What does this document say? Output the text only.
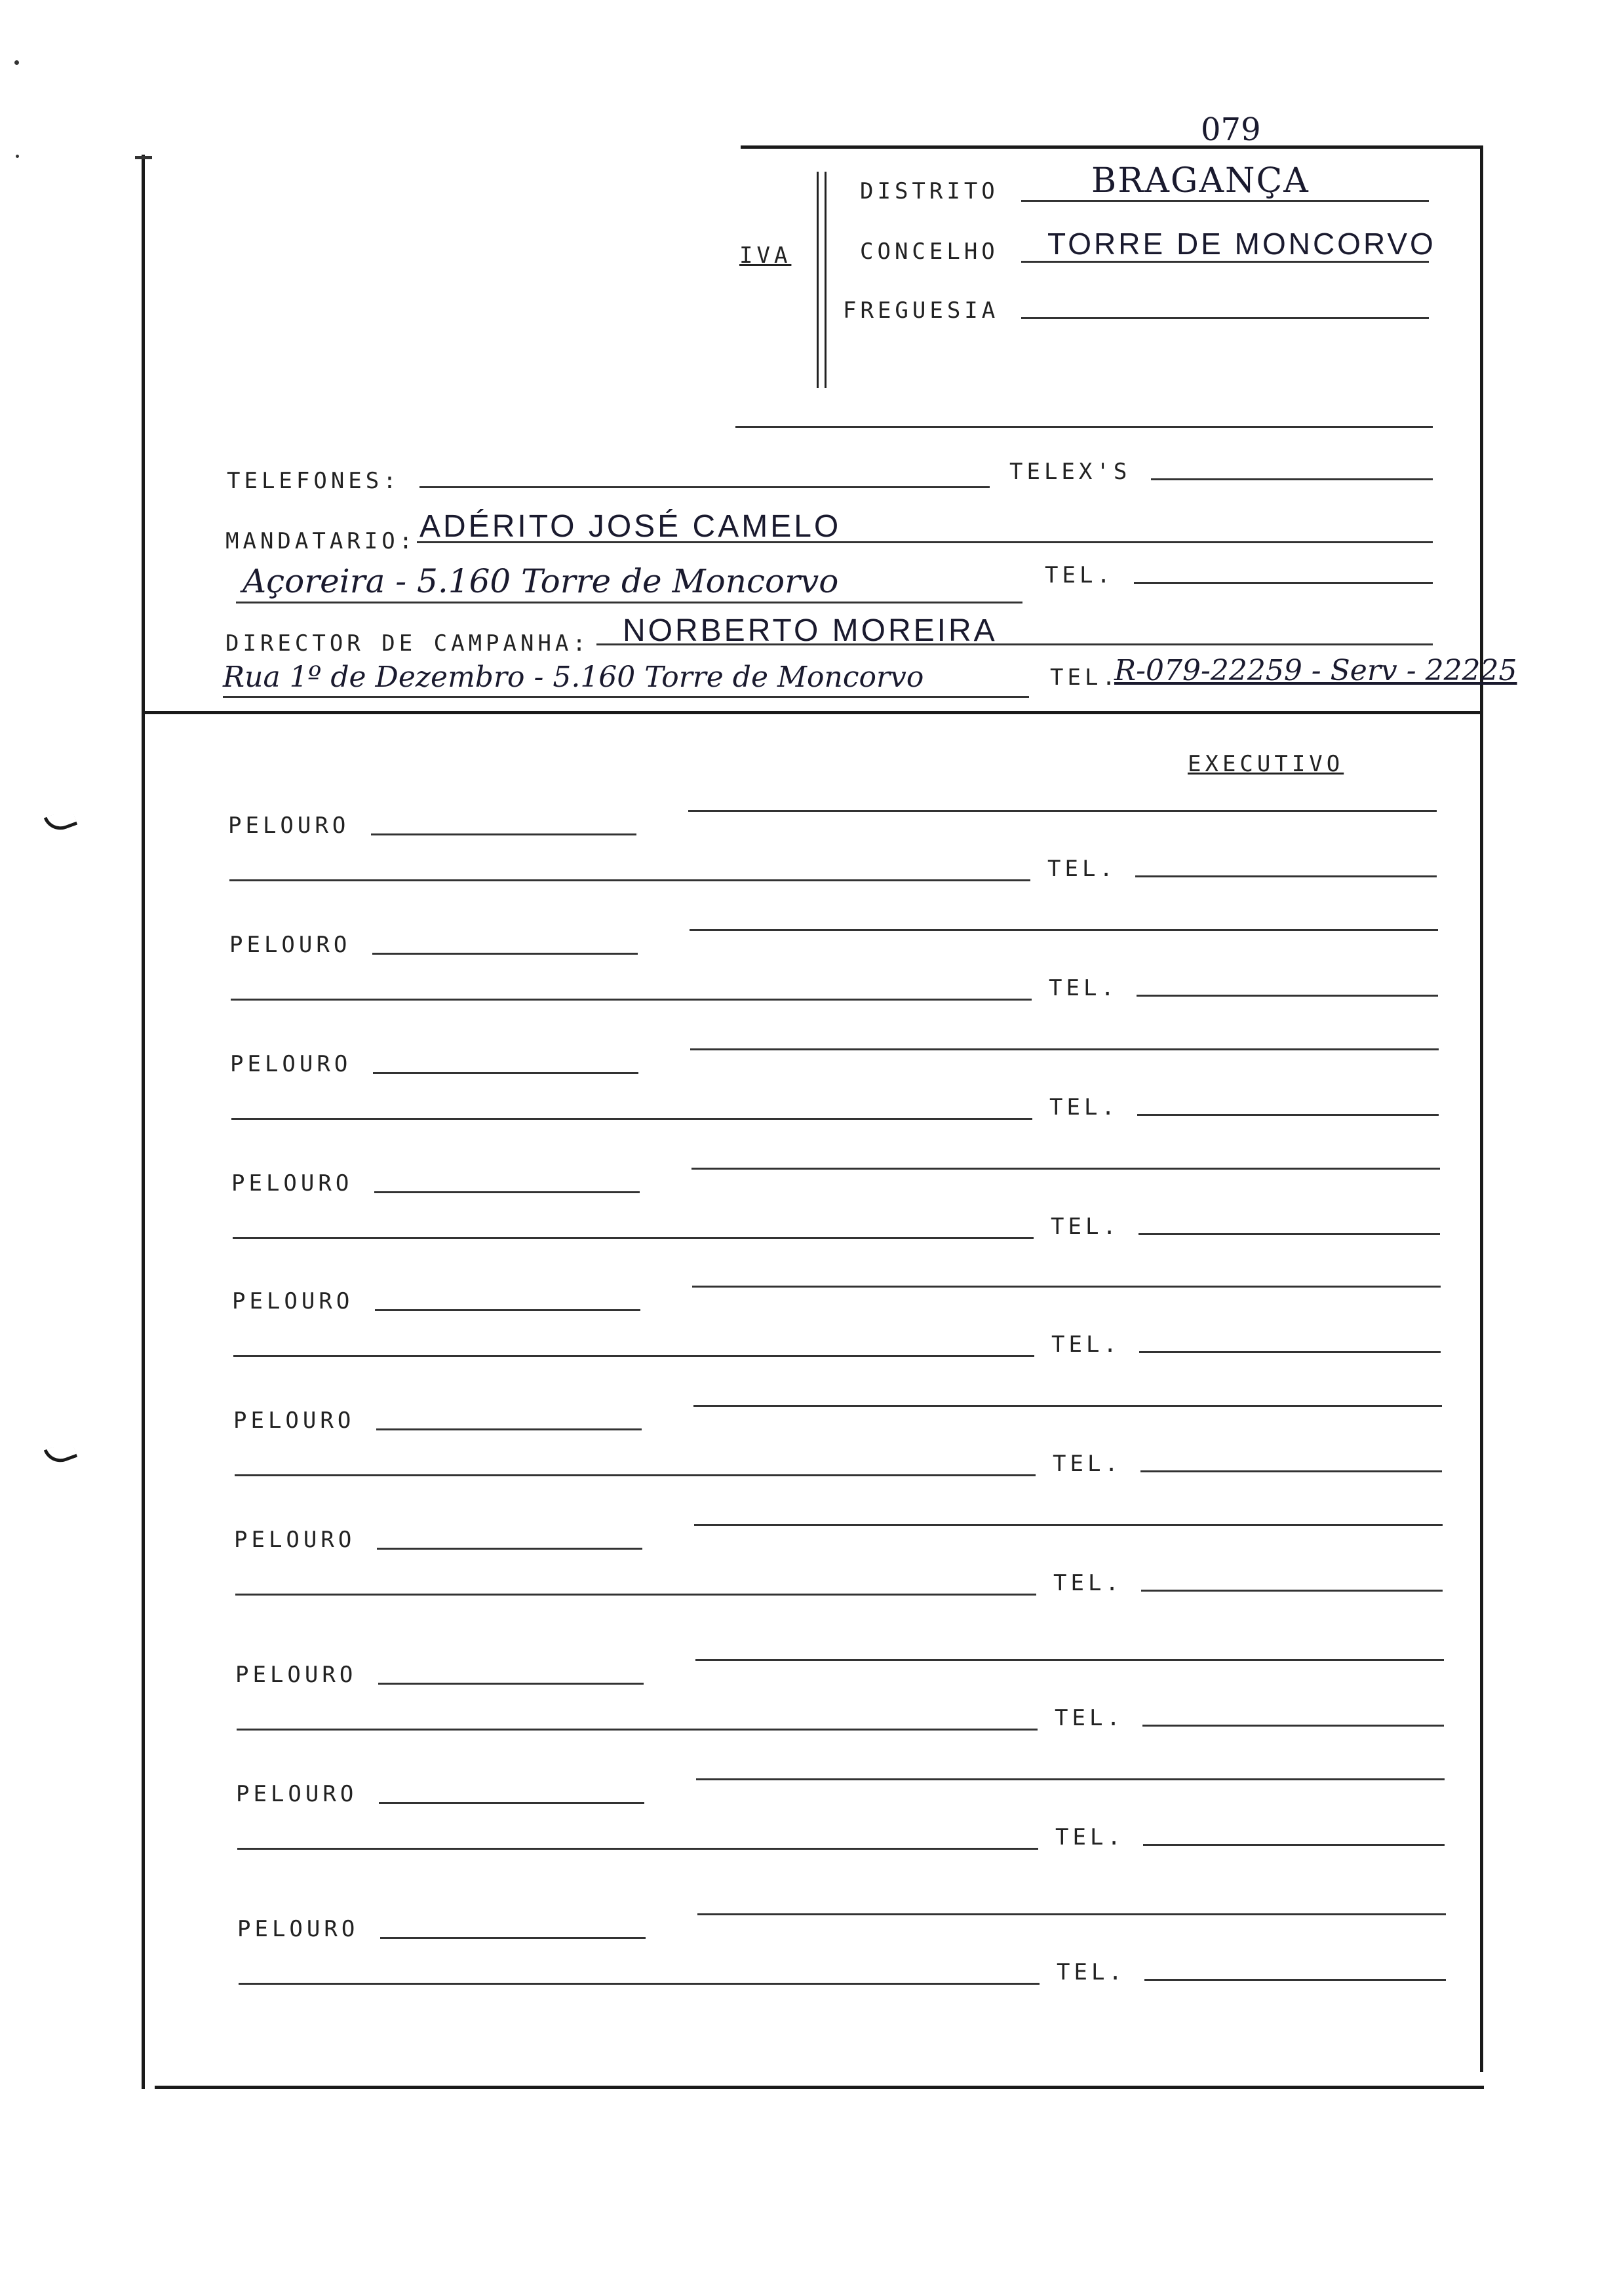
079
IVA
DISTRITO	BRAGANÇA
CONCELHO TORRE DE MONCORVO
FREGUESIA
TELEFONES:	TELEX'S
MANDATARIO: ADÉRITO JOSÉ CAMELO
Açoreira - 5.160 Torre de Moncorvo	TEL.
DIRECTOR DE CAMPANHA: NORBERTO MOREIRA
Rua 1º de Dezembro - 5.160 Torre de Moncorvo	TEL.
R-079-22259 - Serv - 22225
EXECUTIVO
PELOURO
TEL.
PELOURO
TEL.
PELOURO
TEL.
PELOURO
TEL.
PELOURO
TEL.
PELOURO
TEL.
PELOURO
TEL.
PELOURO
TEL.
PELOURO
TEL.
PELOURO
TEL.
